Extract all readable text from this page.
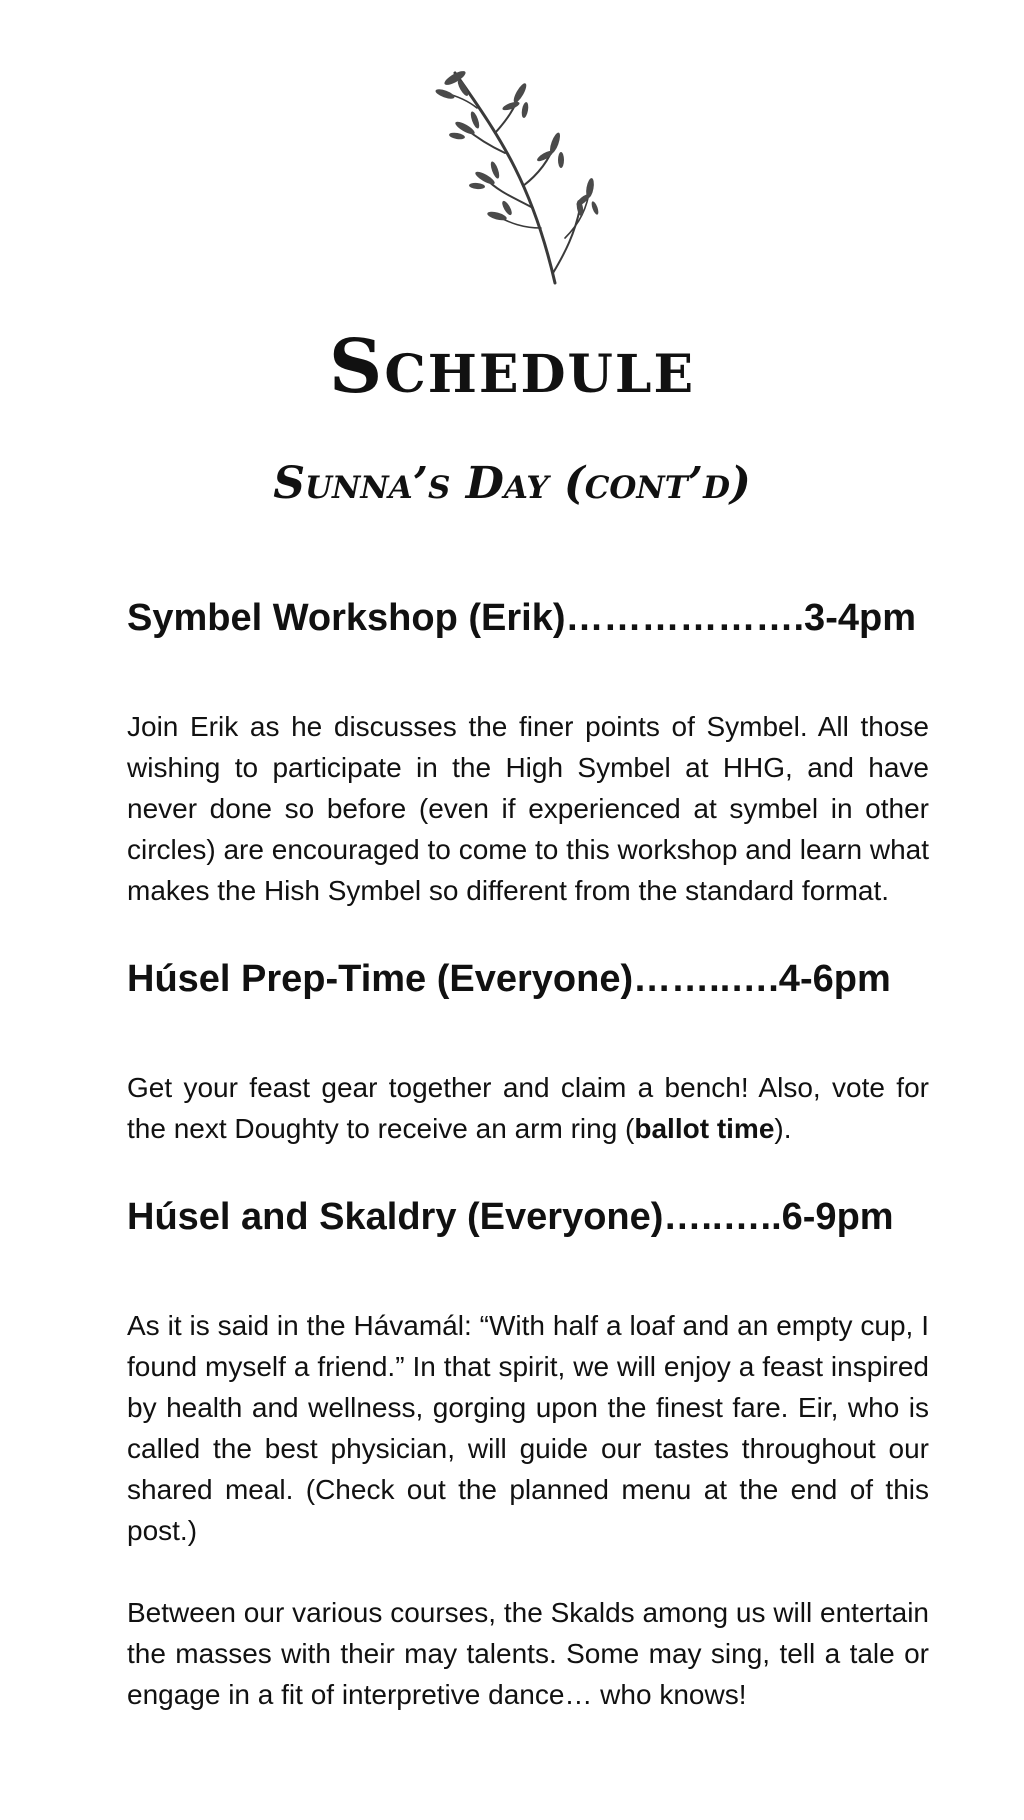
Schedule
Sunna’s Day (cont’d)
Symbel Workshop (Erik)……………….3-4pm

Join Erik as he discusses the finer points of Symbel. All those wishing to participate in the High Symbel at HHG, and have never done so before (even if experienced at symbel in other circles) are encouraged to come to this workshop and learn what makes the Hish Symbel so different from the standard format.

Húsel Prep-Time (Everyone)……..….4-6pm

Get your feast gear together and claim a bench! Also, vote for the next Doughty to receive an arm ring (ballot time).

Húsel and Skaldry (Everyone)…..…..6-9pm

As it is said in the Hávamál: “With half a loaf and an empty cup, I found myself a friend.” In that spirit, we will enjoy a feast inspired by health and wellness, gorging upon the finest fare. Eir, who is called the best physician, will guide our tastes throughout our shared meal. (Check out the planned menu at the end of this post.)

Between our various courses, the Skalds among us will entertain the masses with their may talents. Some may sing, tell a tale or engage in a fit of interpretive dance… who knows!
